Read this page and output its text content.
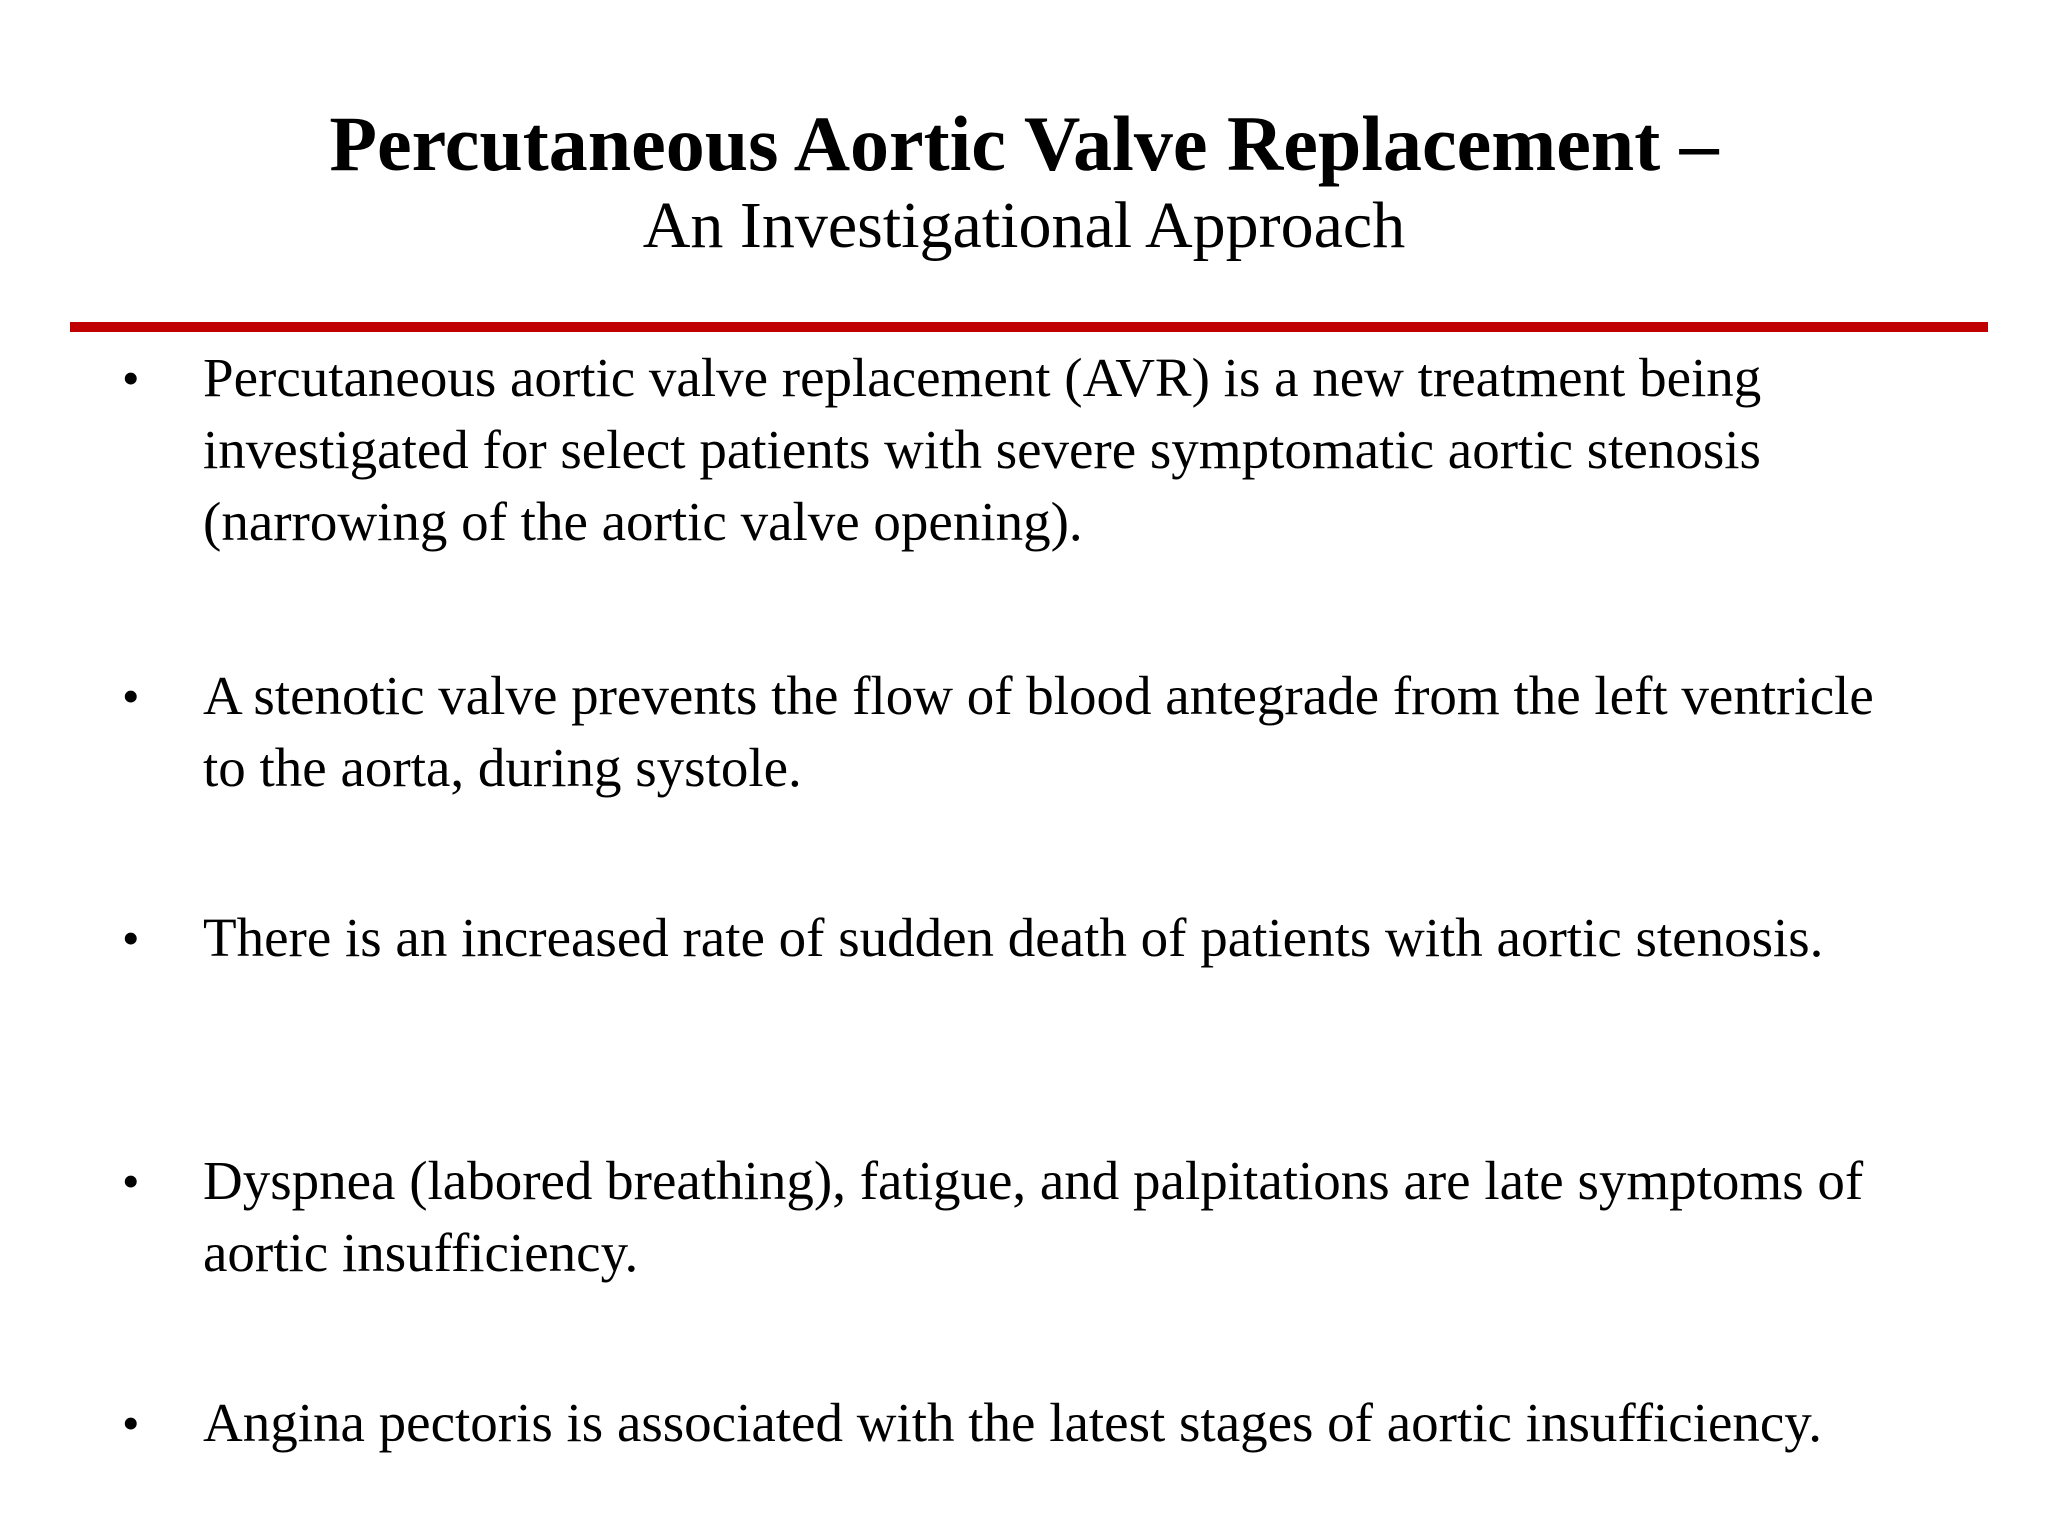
Percutaneous Aortic Valve Replacement –
An Investigational Approach
• Percutaneous aortic valve replacement (AVR) is a new treatment being investigated for select patients with severe symptomatic aortic stenosis (narrowing of the aortic valve opening).
• A stenotic valve prevents the flow of blood antegrade from the left ventricle to the aorta, during systole.
• There is an increased rate of sudden death of patients with aortic stenosis.
• Dyspnea (labored breathing), fatigue, and palpitations are late symptoms of aortic insufficiency.
• Angina pectoris is associated with the latest stages of aortic insufficiency.
